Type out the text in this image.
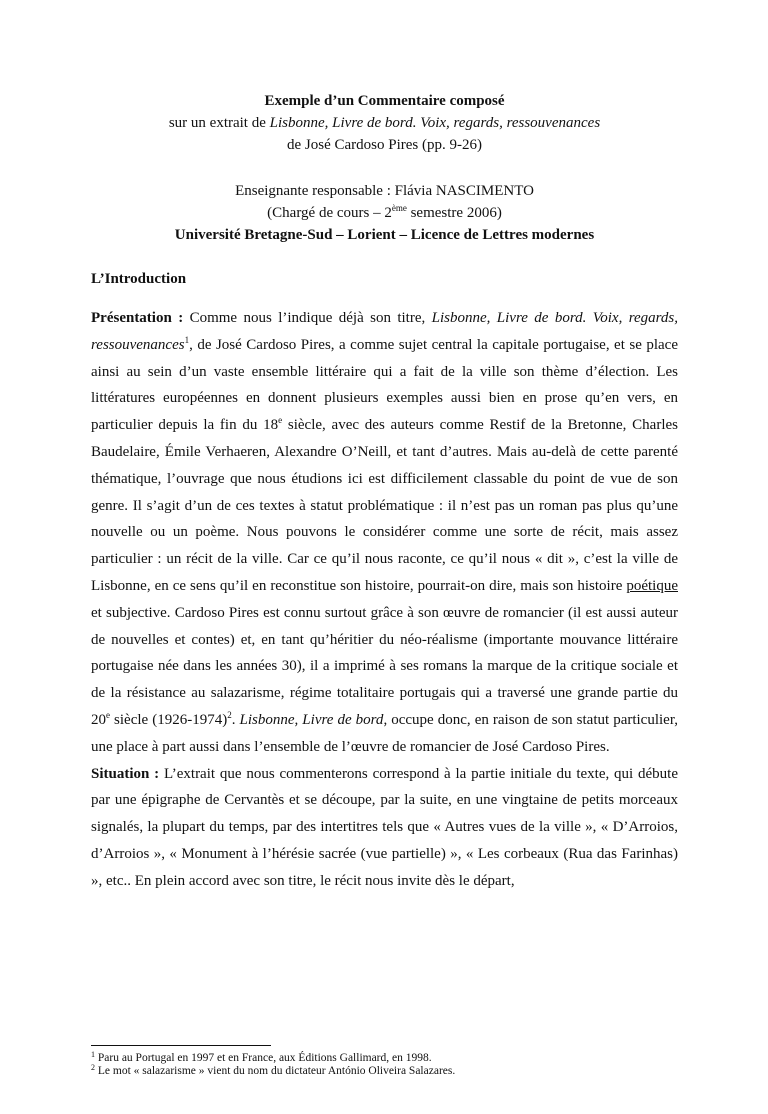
Exemple d’un Commentaire composé

sur un extrait de Lisbonne, Livre de bord. Voix, regards, ressouvenances

de José Cardoso Pires (pp. 9-26)

Enseignante responsable : Flávia NASCIMENTO

(Chargé de cours – 2ème semestre 2006)

Université Bretagne-Sud – Lorient – Licence de Lettres modernes

L’Introduction

Présentation : Comme nous l’indique déjà son titre, Lisbonne, Livre de bord. Voix, regards, ressouvenances$^1$, de José Cardoso Pires, a comme sujet central la capitale portugaise, et se place ainsi au sein d’un vaste ensemble littéraire qui a fait de la ville son thème d’élection. Les littératures européennes en donnent plusieurs exemples aussi bien en prose qu’en vers, en particulier depuis la fin du 18e siècle, avec des auteurs comme Restif de la Bretonne, Charles Baudelaire, Émile Verhaeren, Alexandre O’Neill, et tant d’autres. Mais au-delà de cette parenté thématique, l’ouvrage que nous étudions ici est difficilement classable du point de vue de son genre. Il s’agit d’un de ces textes à statut problématique : il n’est pas un roman pas plus qu’une nouvelle ou un poème. Nous pouvons le considérer comme une sorte de récit, mais assez particulier : un récit de la ville. Car ce qu’il nous raconte, ce qu’il nous « dit », c’est la ville de Lisbonne, en ce sens qu’il en reconstitue son histoire, pourrait-on dire, mais son histoire poétique et subjective. Cardoso Pires est connu surtout grâce à son œuvre de romancier (il est aussi auteur de nouvelles et contes) et, en tant qu’héritier du néo-réalisme (importante mouvance littéraire portugaise née dans les années 30), il a imprimé à ses romans la marque de la critique sociale et de la résistance au salazarisme, régime totalitaire portugais qui a traversé une grande partie du 20e siècle (1926-1974)$^2$. Lisbonne, Livre de bord, occupe donc, en raison de son statut particulier, une place à part aussi dans l’ensemble de l’œuvre de romancier de José Cardoso Pires.

Situation : L’extrait que nous commenterons correspond à la partie initiale du texte, qui débute par une épigraphe de Cervantès et se découpe, par la suite, en une vingtaine de petits morceaux signalés, la plupart du temps, par des intertitres tels que « Autres vues de la ville », « D’Arroios, d’Arroios », « Monument à l’hérésie sacrée (vue partielle) », « Les corbeaux (Rua das Farinhas) », etc.. En plein accord avec son titre, le récit nous invite dès le départ,

$^1$ Paru au Portugal en 1997 et en France, aux Éditions Gallimard, en 1998.
$^2$ Le mot « salazarisme » vient du nom du dictateur António Oliveira Salazares.
